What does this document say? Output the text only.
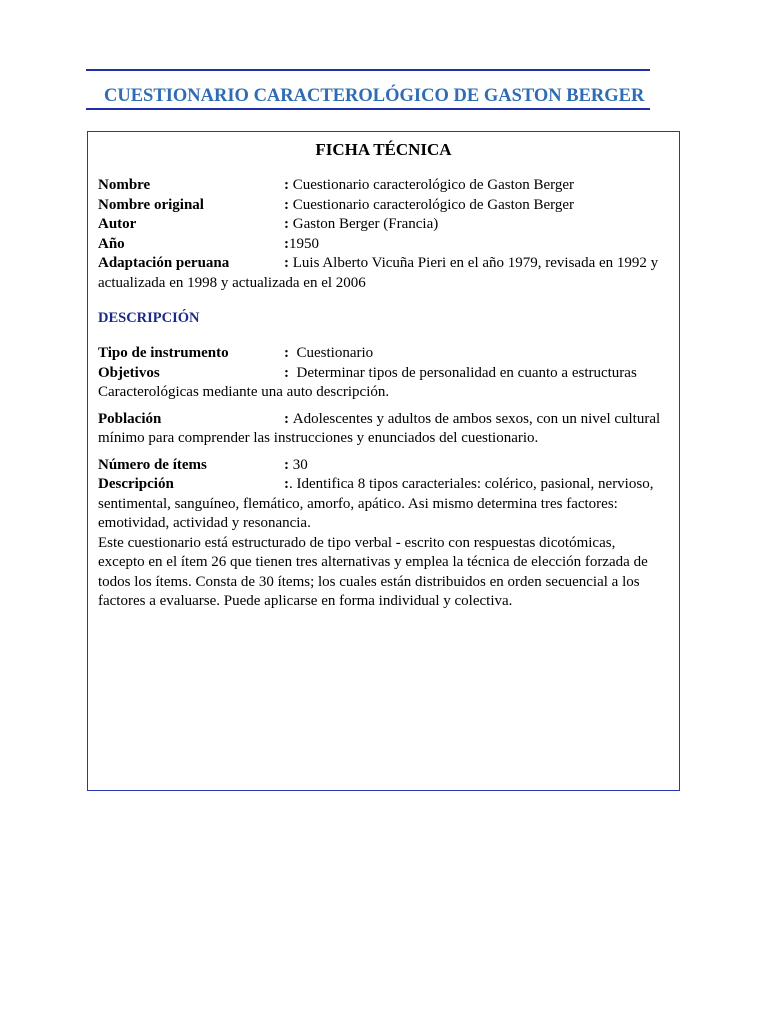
CUESTIONARIO CARACTEROLÓGICO DE GASTON BERGER
FICHA TÉCNICA
Nombre	: Cuestionario caracterológico de Gaston Berger
Nombre original	: Cuestionario caracterológico de Gaston Berger
Autor	: Gaston Berger (Francia)
Año	: 1950
Adaptación peruana	: Luis Alberto Vicuña Pieri en el año 1979, revisada en 1992 y
actualizada en 1998 y actualizada en el 2006
DESCRIPCIÓN
Tipo de instrumento	: Cuestionario
Objetivos	: Determinar tipos de personalidad en cuanto a estructuras
Caracterológicas mediante una auto descripción.
Población	: Adolescentes y adultos de ambos sexos, con un nivel cultural
mínimo para comprender las instrucciones y enunciados del cuestionario.
Número de ítems	: 30
Descripción	: . Identifica 8 tipos caracteriales: colérico, pasional, nervioso,
sentimental, sanguíneo, flemático, amorfo, apático. Asi mismo determina tres factores:
emotividad, actividad y resonancia.
Este cuestionario está estructurado de tipo verbal - escrito con respuestas dicotómicas,
excepto en el ítem 26 que tienen tres alternativas y emplea la técnica de elección forzada de
todos los ítems. Consta de 30 ítems; los cuales están distribuidos en orden secuencial a los
factores a evaluarse. Puede aplicarse en forma individual y colectiva.
